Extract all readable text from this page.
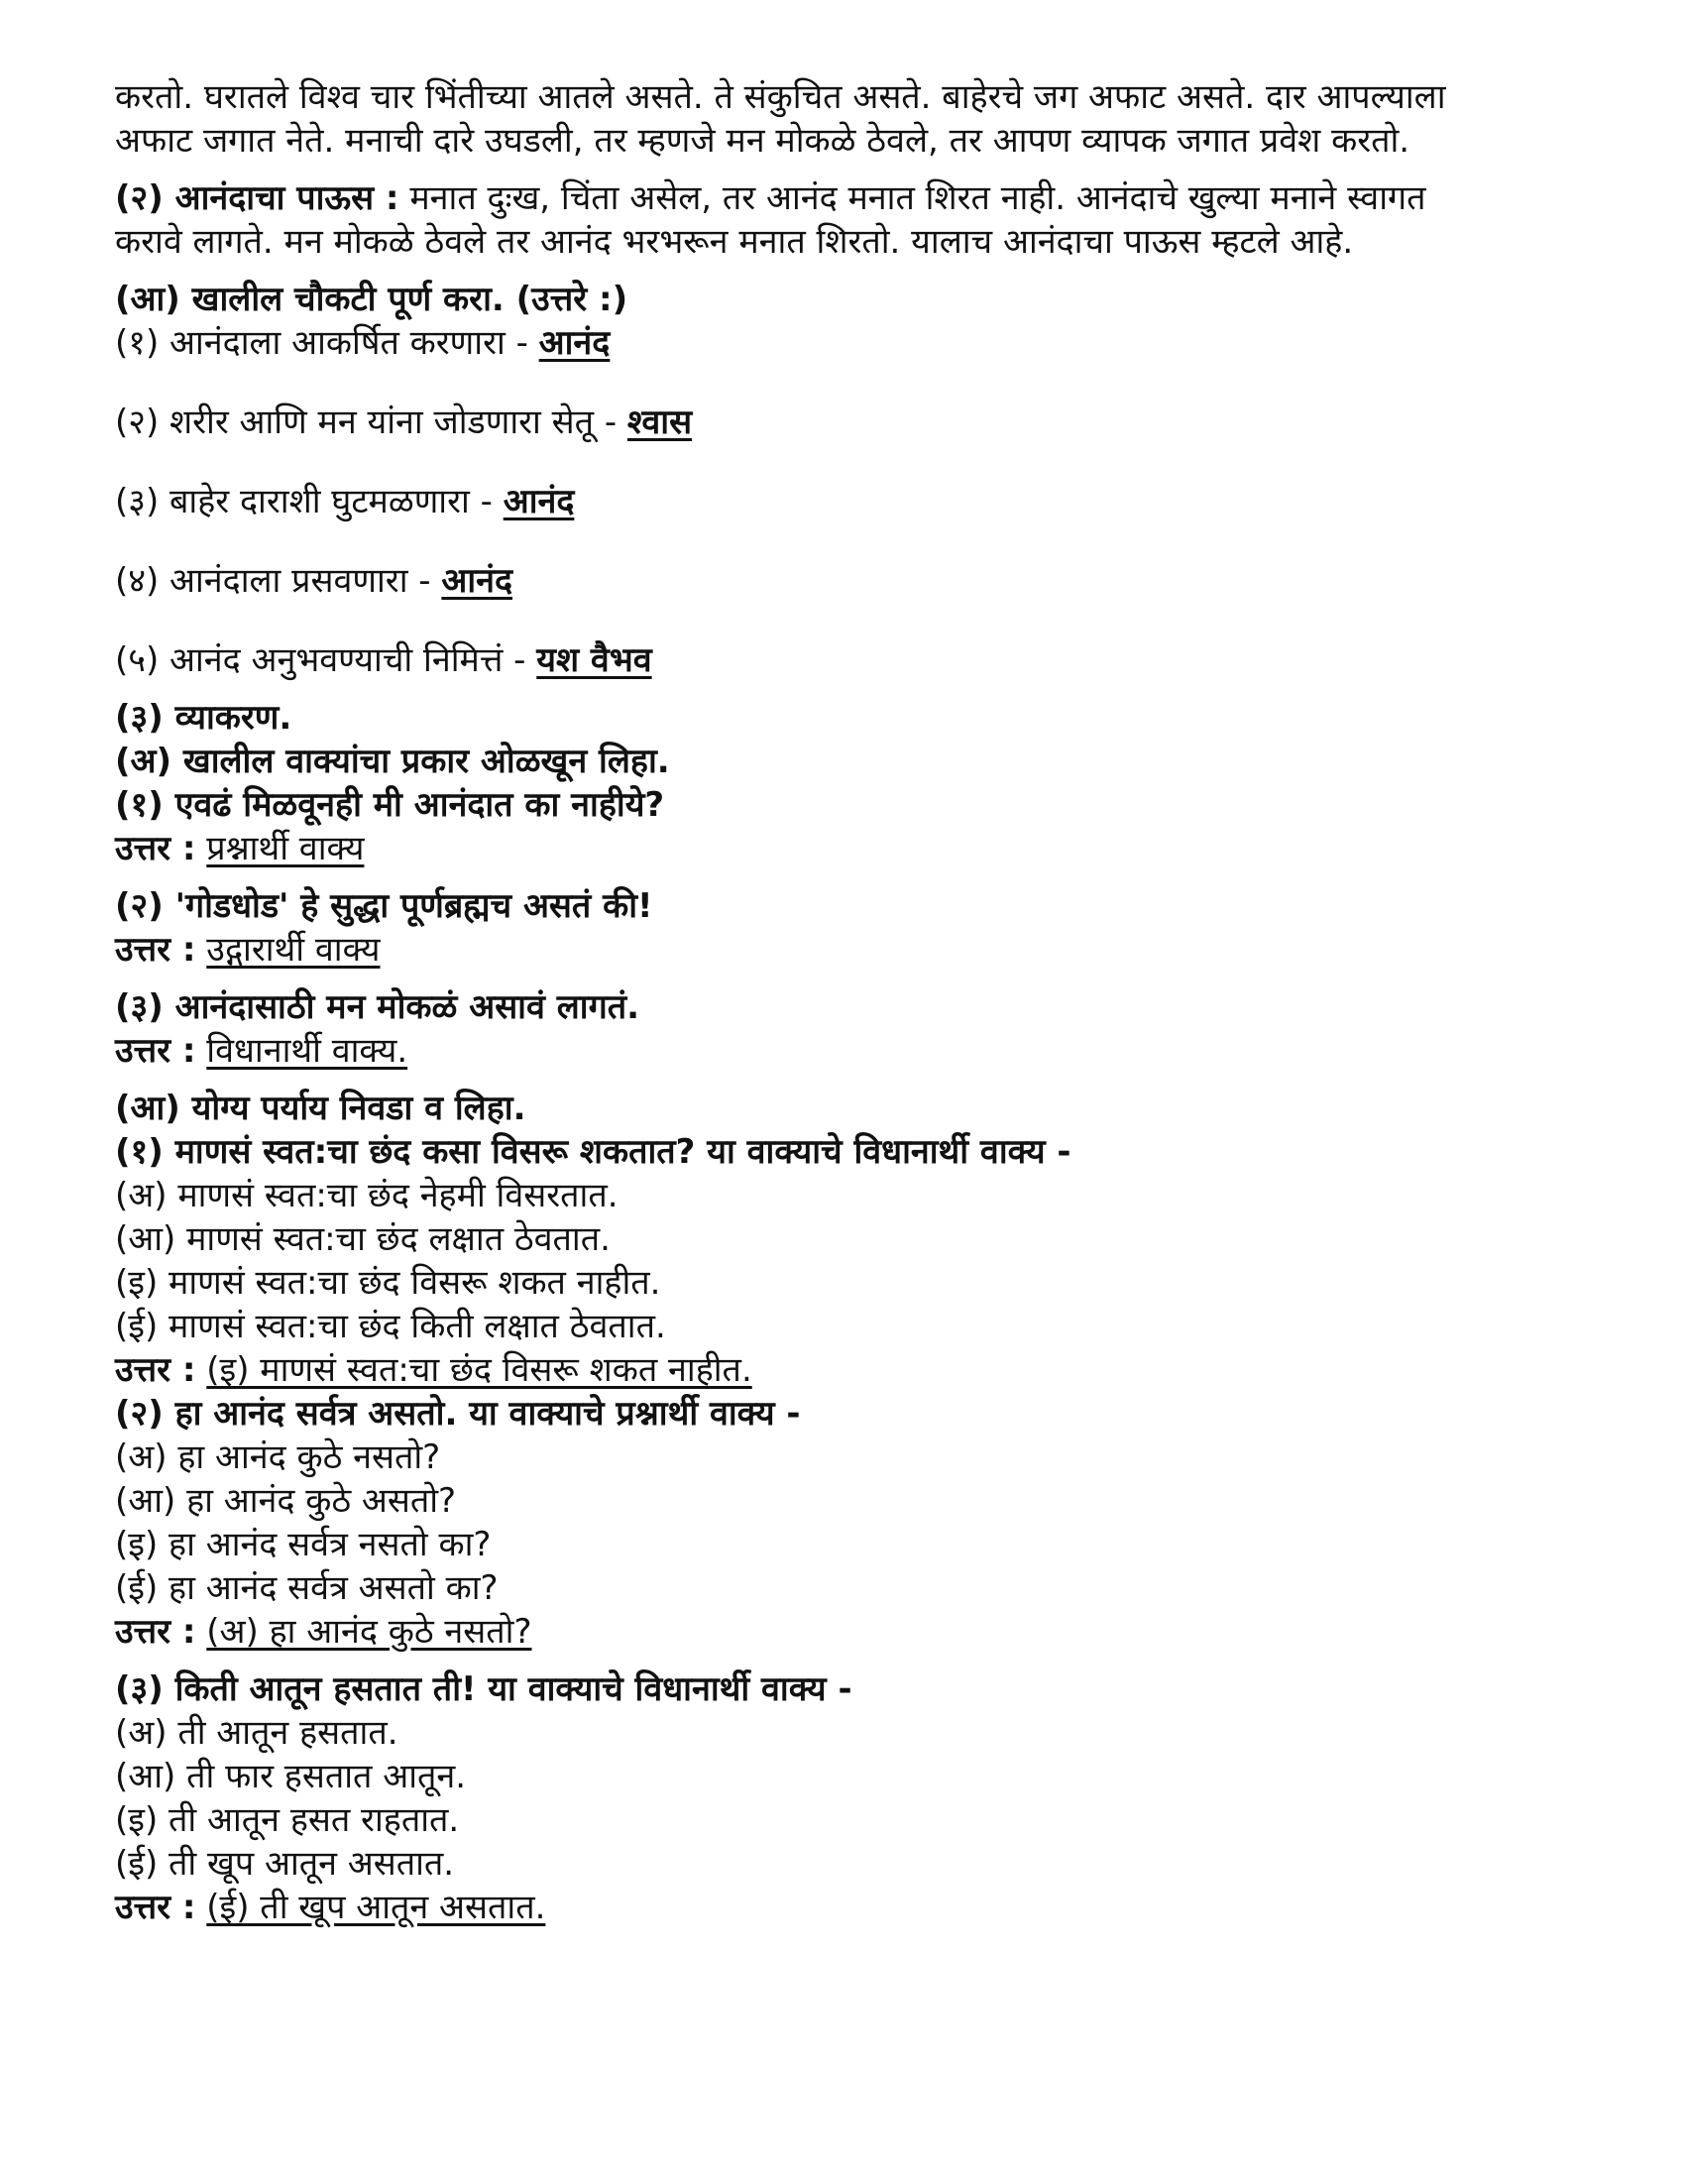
करतो. घरातले विश्व चार भिंतीच्या आतले असते. ते संकुचित असते. बाहेरचे जग अफाट असते. दार आपल्याला

अफाट जगात नेते. मनाची दारे उघडली, तर म्हणजे मन मोकळे ठेवले, तर आपण व्यापक जगात प्रवेश करतो.

(२) आनंदाचा पाऊस : मनात दुःख, चिंता असेल, तर आनंद मनात शिरत नाही. आनंदाचे खुल्या मनाने स्वागत

करावे लागते. मन मोकळे ठेवले तर आनंद भरभरून मनात शिरतो. यालाच आनंदाचा पाऊस म्हटले आहे.

(आ) खालील चौकटी पूर्ण करा. (उत्तरे :)

(१) आनंदाला आकर्षित करणारा - आनंद

(२) शरीर आणि मन यांना जोडणारा सेतू - श्वास

(३) बाहेर दाराशी घुटमळणारा - आनंद

(४) आनंदाला प्रसवणारा - आनंद

(५) आनंद अनुभवण्याची निमित्तं - यश वैभव

(३) व्याकरण.

(अ) खालील वाक्यांचा प्रकार ओळखून लिहा.

(१) एवढं मिळवूनही मी आनंदात का नाहीये?

उत्तर : प्रश्नार्थी वाक्य

(२) 'गोडधोड' हे सुद्धा पूर्णब्रह्मच असतं की!

उत्तर : उद्गारार्थी वाक्य

(३) आनंदासाठी मन मोकळं असावं लागतं.

उत्तर : विधानार्थी वाक्य.

(आ) योग्य पर्याय निवडा व लिहा.

(१) माणसं स्वत:चा छंद कसा विसरू शकतात? या वाक्याचे विधानार्थी वाक्य -

(अ) माणसं स्वत:चा छंद नेहमी विसरतात.

(आ) माणसं स्वत:चा छंद लक्षात ठेवतात.

(इ) माणसं स्वत:चा छंद विसरू शकत नाहीत.

(ई) माणसं स्वत:चा छंद किती लक्षात ठेवतात.

उत्तर : (इ) माणसं स्वत:चा छंद विसरू शकत नाहीत.

(२) हा आनंद सर्वत्र असतो. या वाक्याचे प्रश्नार्थी वाक्य -

(अ) हा आनंद कुठे नसतो?

(आ) हा आनंद कुठे असतो?

(इ) हा आनंद सर्वत्र नसतो का?

(ई) हा आनंद सर्वत्र असतो का?

उत्तर : (अ) हा आनंद कुठे नसतो?

(३) किती आतून हसतात ती! या वाक्याचे विधानार्थी वाक्य -

(अ) ती आतून हसतात.

(आ) ती फार हसतात आतून.

(इ) ती आतून हसत राहतात.

(ई) ती खूप आतून असतात.

उत्तर : (ई) ती खूप आतून असतात.
